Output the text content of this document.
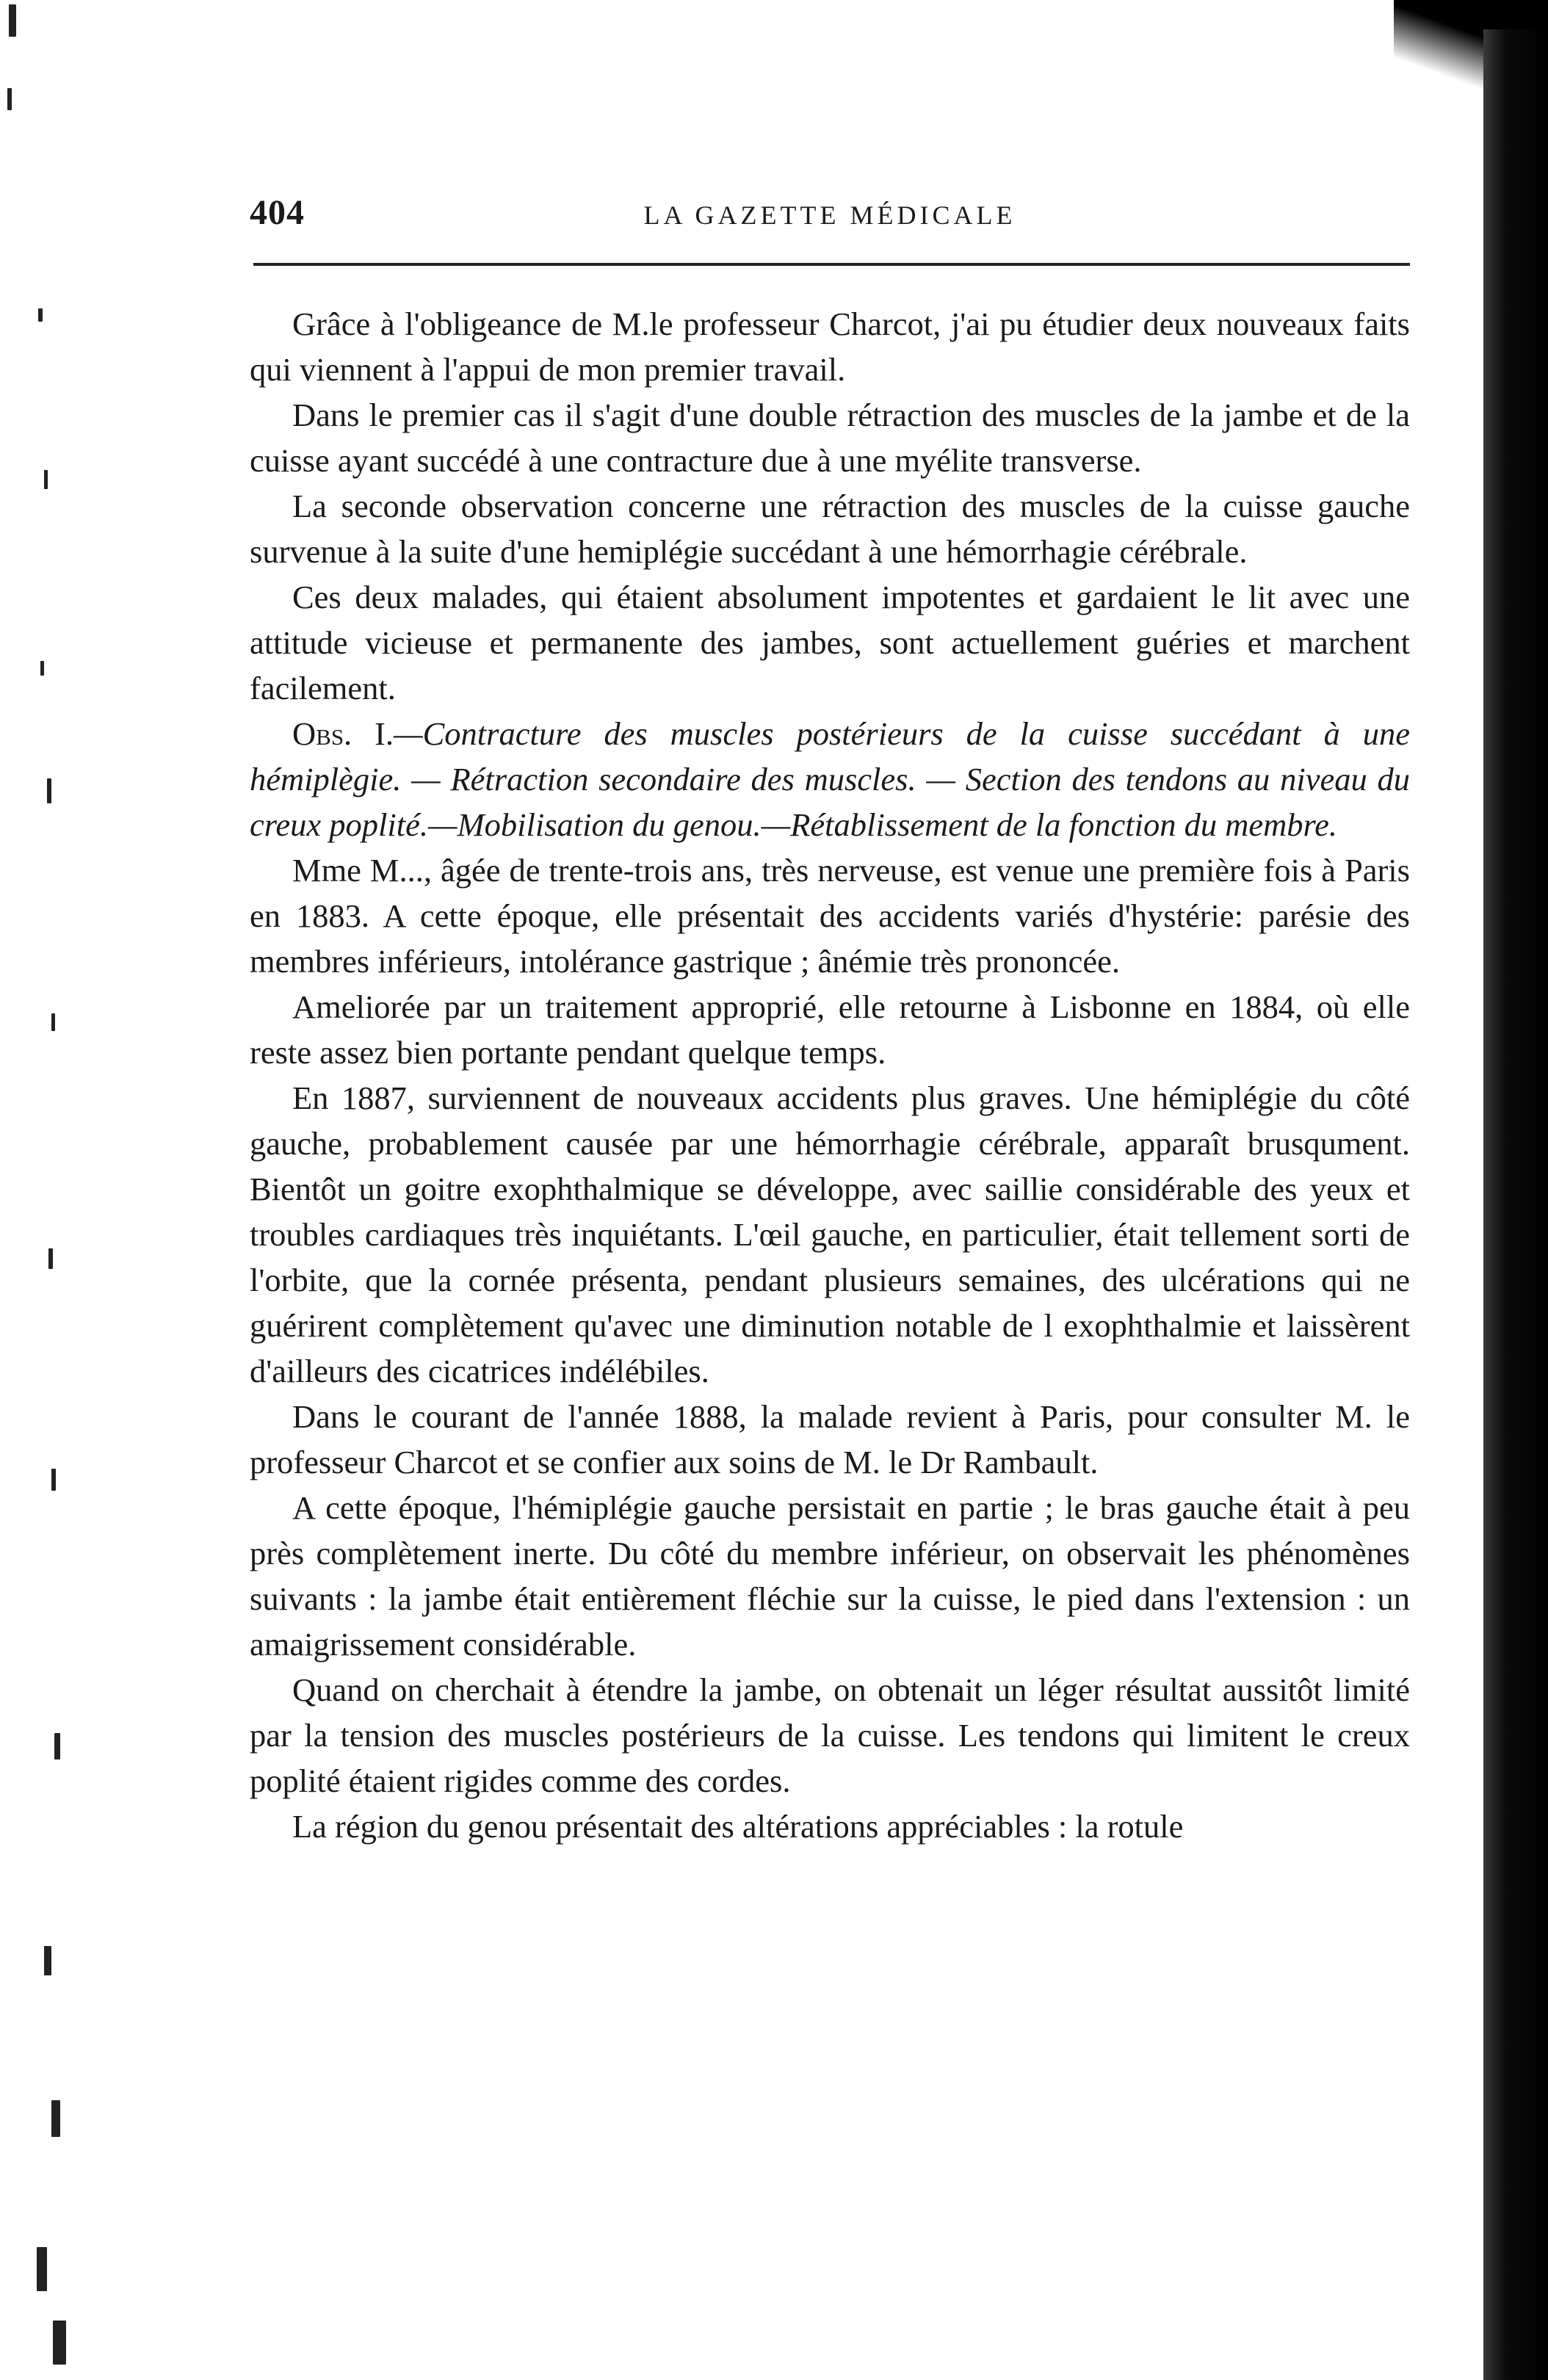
404	LA GAZETTE MÉDICALE

Grâce à l'obligeance de M.le professeur Charcot, j'ai pu étudier deux nouveaux faits qui viennent à l'appui de mon premier travail.

Dans le premier cas il s'agit d'une double rétraction des muscles de la jambe et de la cuisse ayant succédé à une contracture due à une myélite transverse.

La seconde observation concerne une rétraction des muscles de la cuisse gauche survenue à la suite d'une hemiplégie succédant à une hémorrhagie cérébrale.

Ces deux malades, qui étaient absolument impotentes et gardaient le lit avec une attitude vicieuse et permanente des jambes, sont actuellement guéries et marchent facilement.

Obs. I.—Contracture des muscles postérieurs de la cuisse succédant à une hémiplègie. — Rétraction secondaire des muscles. — Section des tendons au niveau du creux poplité.—Mobilisation du genou.—Rétablissement de la fonction du membre.

Mme M..., âgée de trente-trois ans, très nerveuse, est venue une première fois à Paris en 1883. A cette époque, elle présentait des accidents variés d'hystérie: parésie des membres inférieurs, intolérance gastrique ; ânémie très prononcée.

Ameliorée par un traitement approprié, elle retourne à Lisbonne en 1884, où elle reste assez bien portante pendant quelque temps.

En 1887, surviennent de nouveaux accidents plus graves. Une hémiplégie du côté gauche, probablement causée par une hémorrhagie cérébrale, apparaît brusqument. Bientôt un goitre exophthalmique se développe, avec saillie considérable des yeux et troubles cardiaques très inquiétants. L'œil gauche, en particulier, était tellement sorti de l'orbite, que la cornée présenta, pendant plusieurs semaines, des ulcérations qui ne guérirent complètement qu'avec une diminution notable de l exophthalmie et laissèrent d'ailleurs des cicatrices indélébiles.

Dans le courant de l'année 1888, la malade revient à Paris, pour consulter M. le professeur Charcot et se confier aux soins de M. le Dr Rambault.

A cette époque, l'hémiplégie gauche persistait en partie ; le bras gauche était à peu près complètement inerte. Du côté du membre inférieur, on observait les phénomènes suivants : la jambe était entièrement fléchie sur la cuisse, le pied dans l'extension : un amaigrissement considérable.

Quand on cherchait à étendre la jambe, on obtenait un léger résultat aussitôt limité par la tension des muscles postérieurs de la cuisse. Les tendons qui limitent le creux poplité étaient rigides comme des cordes.

La région du genou présentait des altérations appréciables : la rotule
